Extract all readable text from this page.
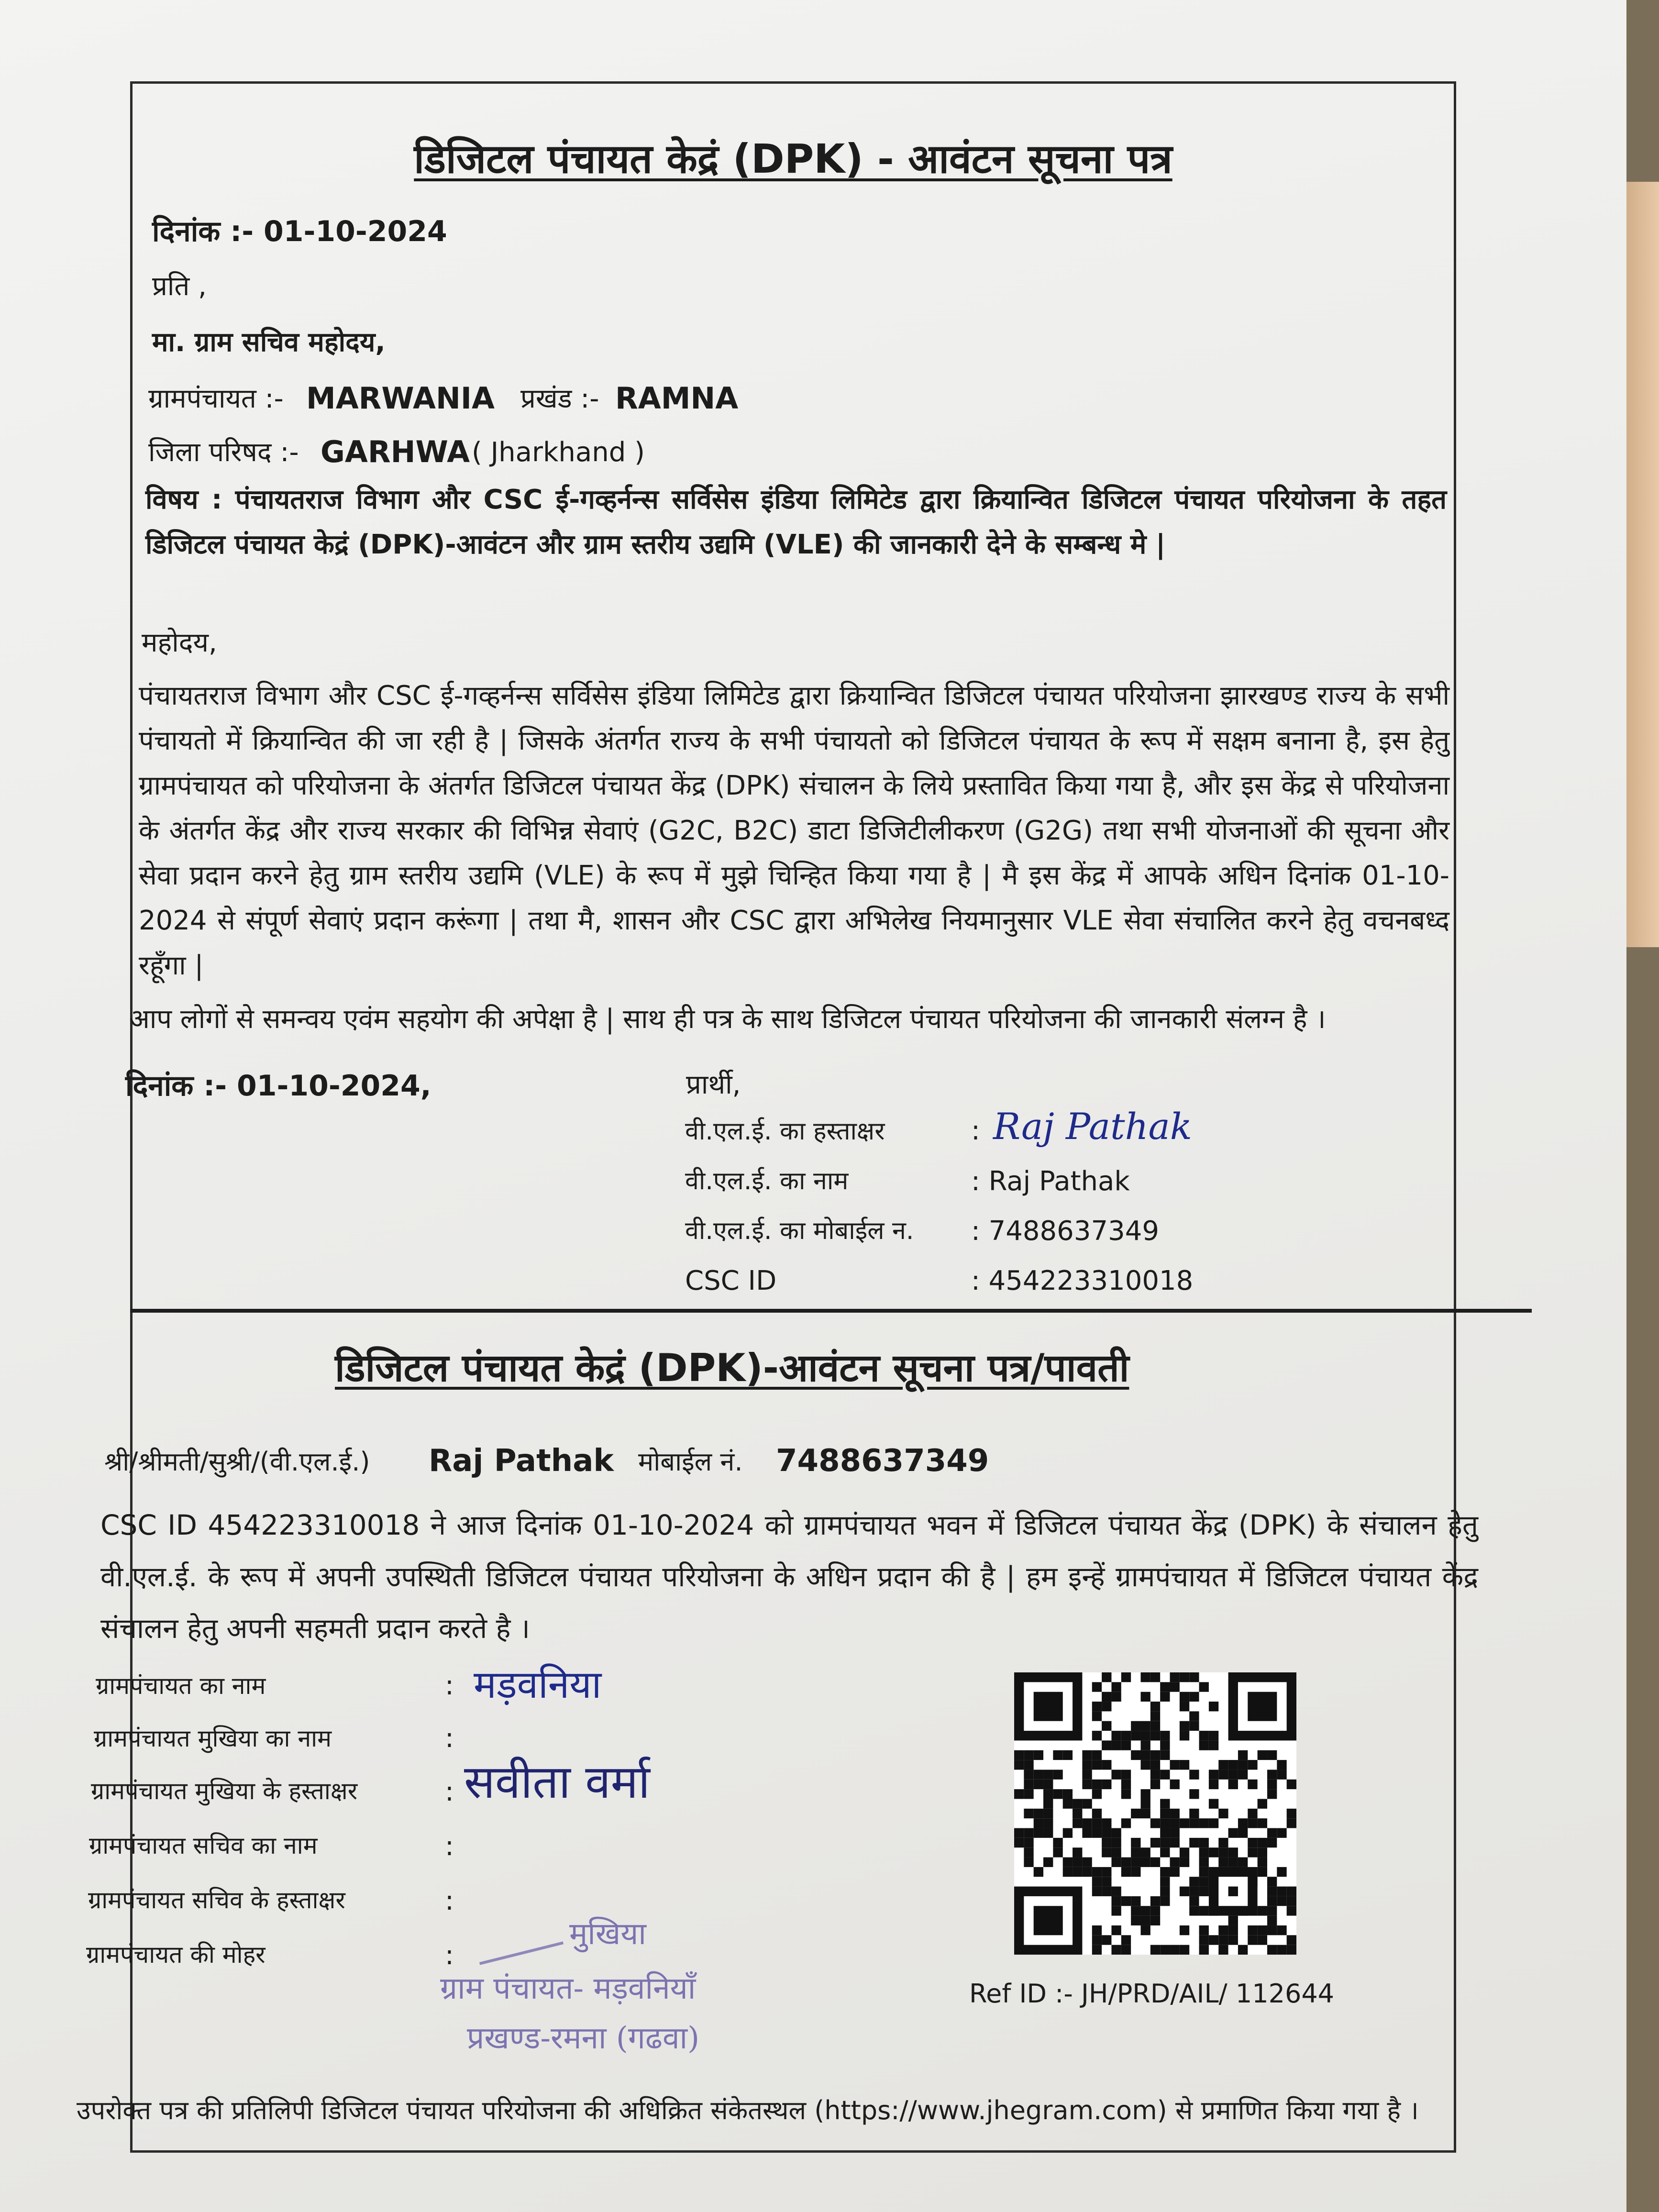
डिजिटल पंचायत केद्रं (DPK) - आवंटन सूचना पत्र
दिनांक :- 01-10-2024
प्रति ,
मा. ग्राम सचिव महोदय,
ग्रामपंचायत :- MARWANIA प्रखंड :- RAMNA
जिला परिषद :- GARHWA ( Jharkhand )
विषय : पंचायतराज विभाग और CSC ई-गव्हर्नन्स सर्विसेस इंडिया लिमिटेड द्वारा क्रियान्वित डिजिटल पंचायत परियोजना के तहत डिजिटल पंचायत केद्रं (DPK)-आवंटन और ग्राम स्तरीय उद्यमि (VLE) की जानकारी देने के सम्बन्ध मे |
महोदय,
पंचायतराज विभाग और CSC ई-गव्हर्नन्स सर्विसेस इंडिया लिमिटेड द्वारा क्रियान्वित डिजिटल पंचायत परियोजना झारखण्ड राज्य के सभी पंचायतो में क्रियान्वित की जा रही है | जिसके अंतर्गत राज्य के सभी पंचायतो को डिजिटल पंचायत के रूप में सक्षम बनाना है, इस हेतु ग्रामपंचायत को परियोजना के अंतर्गत डिजिटल पंचायत केंद्र (DPK) संचालन के लिये प्रस्तावित किया गया है, और इस केंद्र से परियोजना के अंतर्गत केंद्र और राज्य सरकार की विभिन्न सेवाएं (G2C, B2C) डाटा डिजिटीलीकरण (G2G) तथा सभी योजनाओं की सूचना और सेवा प्रदान करने हेतु ग्राम स्तरीय उद्यमि (VLE) के रूप में मुझे चिन्हित किया गया है | मै इस केंद्र में आपके अधिन दिनांक 01-10-2024 से संपूर्ण सेवाएं प्रदान करूंगा | तथा मै, शासन और CSC द्वारा अभिलेख नियमानुसार VLE सेवा संचालित करने हेतु वचनबध्द रहूँगा |
आप लोगों से समन्वय एवंम सहयोग की अपेक्षा है | साथ ही पत्र के साथ डिजिटल पंचायत परियोजना की जानकारी संलग्न है ।
दिनांक :- 01-10-2024,	प्रार्थी,
वी.एल.ई. का हस्ताक्षर	: Raj Pathak
वी.एल.ई. का नाम	: Raj Pathak
वी.एल.ई. का मोबाईल न. : 7488637349
CSC ID	: 454223310018
डिजिटल पंचायत केद्रं (DPK)-आवंटन सूचना पत्र/पावती
श्री/श्रीमती/सुश्री/(वी.एल.ई.) Raj Pathak मोबाईल नं. 7488637349
CSC ID 454223310018 ने आज दिनांक 01-10-2024 को ग्रामपंचायत भवन में डिजिटल पंचायत केंद्र (DPK) के संचालन हेतु वी.एल.ई. के रूप में अपनी उपस्थिती डिजिटल पंचायत परियोजना के अधिन प्रदान की है | हम इन्हें ग्रामपंचायत में डिजिटल पंचायत केंद्र संचालन हेतु अपनी सहमती प्रदान करते है ।
ग्रामपंचायत का नाम	: मड़वनिया
ग्रामपंचायत मुखिया का नाम	:
ग्रामपंचायत मुखिया के हस्ताक्षर	: सवीता वर्मा
ग्रामपंचायत सचिव का नाम	:
ग्रामपंचायत सचिव के हस्ताक्षर	:
ग्रामपंचायत की मोहर	:
मुखिया
ग्राम पंचायत- मड़वनियाँ
प्रखण्ड-रमना (गढवा)
Ref ID :- JH/PRD/AIL/ 112644
उपरोक्त पत्र की प्रतिलिपी डिजिटल पंचायत परियोजना की अधिक्रित संकेतस्थल (https://www.jhegram.com) से प्रमाणित किया गया है ।
